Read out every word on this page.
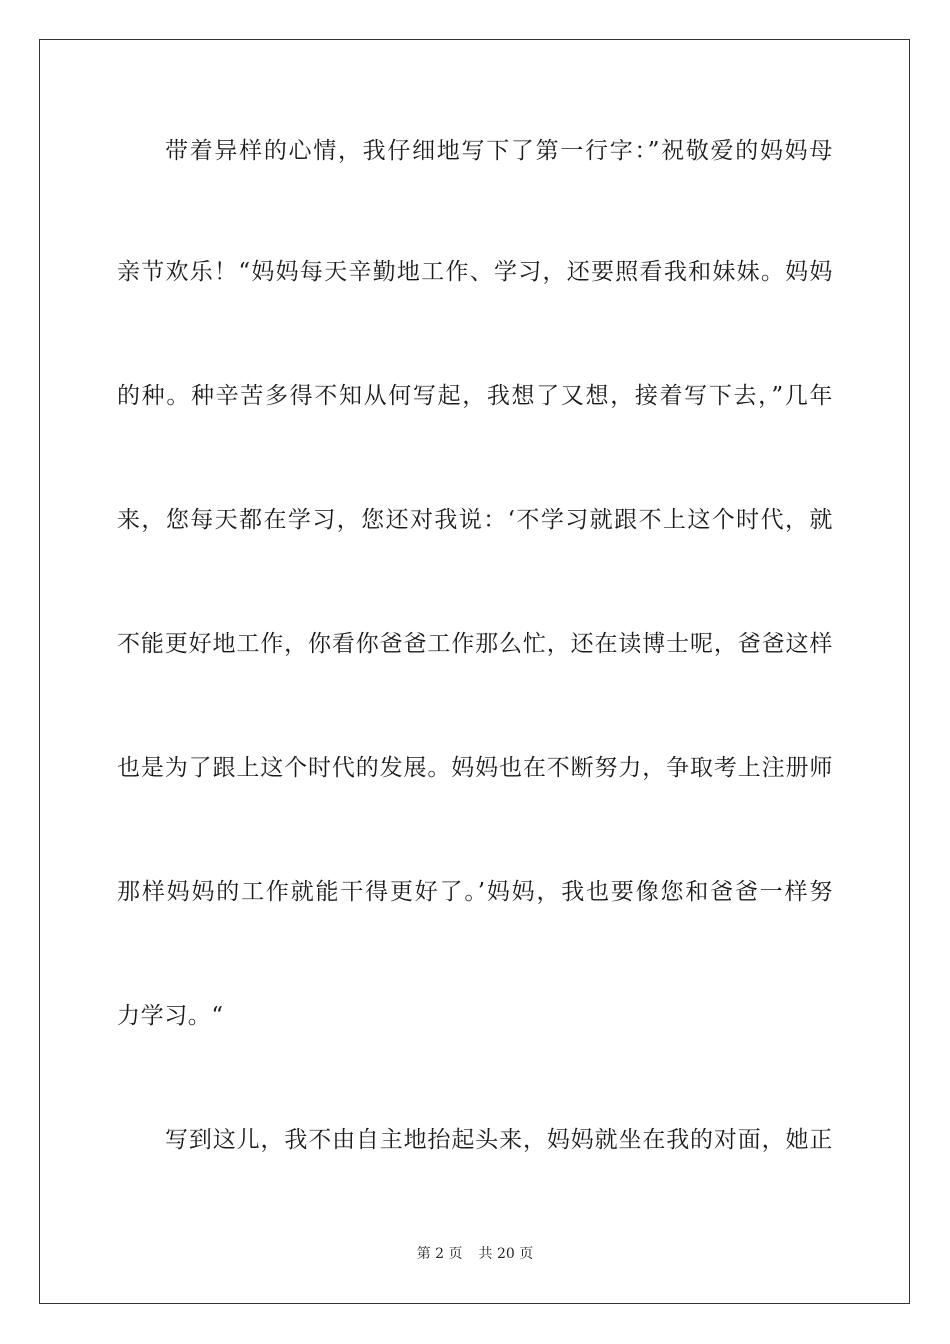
带着异样的心情，我仔细地写下了第一行字：”祝敬爱的妈妈母
亲节欢乐！“妈妈每天辛勤地工作、学习，还要照看我和妹妹。妈妈
的种。种辛苦多得不知从何写起，我想了又想，接着写下去，”几年
来，您每天都在学习，您还对我说：‘不学习就跟不上这个时代，就
不能更好地工作，你看你爸爸工作那么忙，还在读博士呢，爸爸这样
也是为了跟上这个时代的发展。妈妈也在不断努力，争取考上注册师
那样妈妈的工作就能干得更好了。’妈妈，我也要像您和爸爸一样努
力学习。“
写到这儿，我不由自主地抬起头来，妈妈就坐在我的对面，她正
第 2 页 共 20 页
